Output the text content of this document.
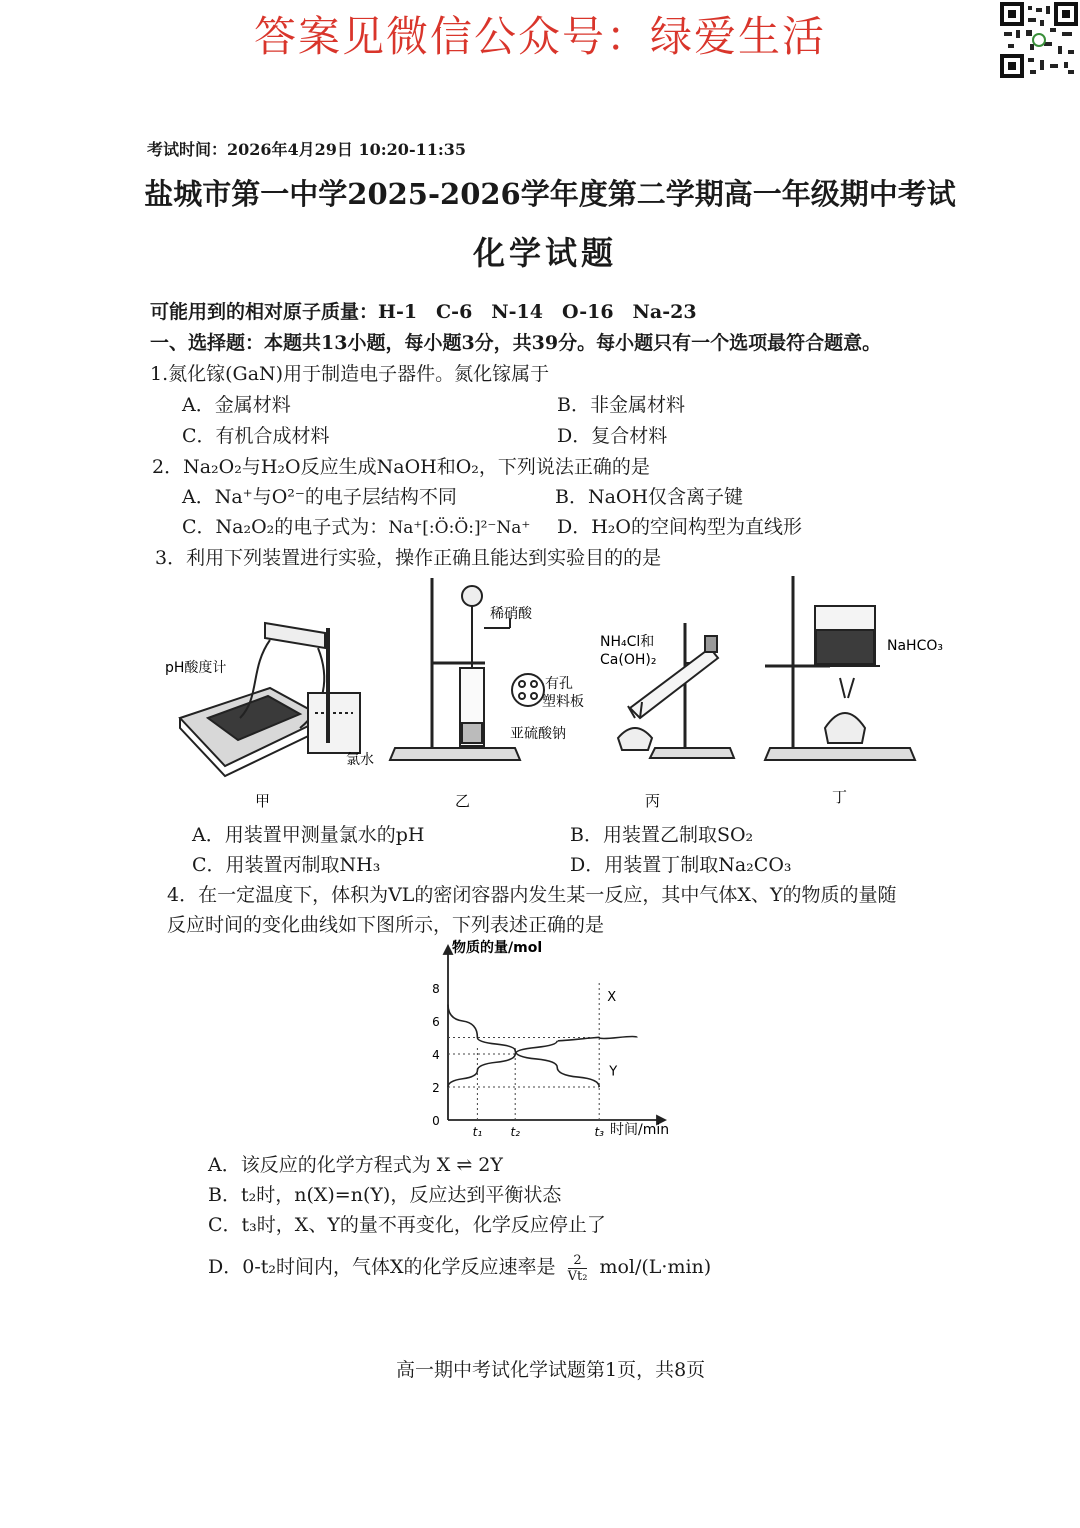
答案见微信公众号：绿爱生活
考试时间：2026年4月29日 10:20-11:35
盐城市第一中学2025-2026学年度第二学期高一年级期中考试
化学试题
可能用到的相对原子质量：H-1　C-6　N-14　O-16　Na-23
一、选择题：本题共13小题，每小题3分，共39分。每小题只有一个选项最符合题意。
1.氮化镓(GaN)用于制造电子器件。氮化镓属于
A．金属材料	B．非金属材料
C．有机合成材料	D．复合材料
2．Na₂O₂与H₂O反应生成NaOH和O₂，下列说法正确的是
A．Na⁺与O²⁻的电子层结构不同	B．NaOH仅含离子键
C．Na₂O₂的电子式为：Na⁺[:Ö:Ö:]²⁻Na⁺ D．H₂O的空间构型为直线形
3．利用下列装置进行实验，操作正确且能达到实验目的的是
pH酸度计
氯水
稀硝酸
有孔
塑料板
亚硫酸钠
NH₄Cl和
Ca(OH)₂
NaHCO₃
甲	乙	丙	丁
A．用装置甲测量氯水的pH	B．用装置乙制取SO₂
C．用装置丙制取NH₃	D．用装置丁制取Na₂CO₃
4．在一定温度下，体积为VL的密闭容器内发生某一反应，其中气体X、Y的物质的量随
反应时间的变化曲线如下图所示，下列表述正确的是
X
Y
0
2
4
6
8
t₁ t₂	t₃
物质的量/mol
时间/min
A．该反应的化学方程式为 X ⇌ 2Y
B．t₂时，n(X)=n(Y)，反应达到平衡状态
C．t₃时，X、Y的量不再变化，化学反应停止了
D．0-t₂时间内，气体X的化学反应速率是 $\frac{2}{\text{Vt₂}} mol/(L\cdot\min)$
高一期中考试化学试题第1页，共8页
